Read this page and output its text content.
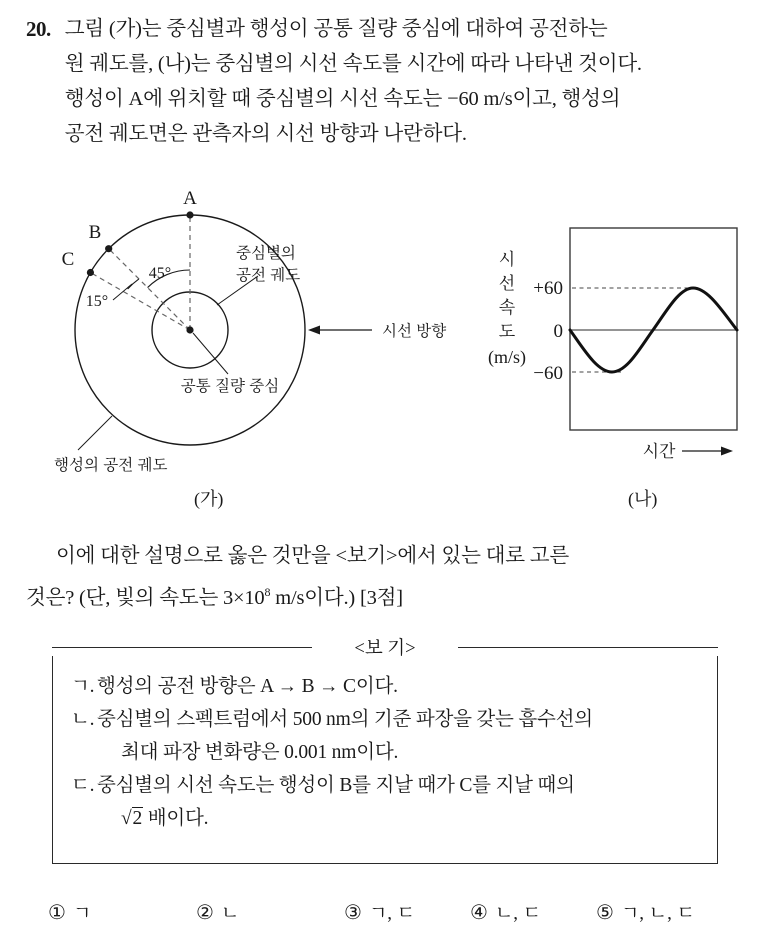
20. 그림 (가)는 중심별과 행성이 공통 질량 중심에 대하여 공전하는

원 궤도를, (나)는 중심별의 시선 속도를 시간에 따라 나타낸 것이다.

행성이 A에 위치할 때 중심별의 시선 속도는 −60 m/s이고, 행성의

공전 궤도면은 관측자의 시선 방향과 나란하다.

A
B
C
45°
15°
중심별의
공전 궤도
공통 질량 중심
행성의 공전 궤도
시선 방향
+60
0
−60
시
선
속
도
(m/s)
시간
(가)	(나)

이에 대한 설명으로 옳은 것만을 <보기>에서 있는 대로 고른

것은? (단, 빛의 속도는 $3\times 10^8$ m/s이다.) [3점]

<보 기>
ㄱ. 행성의 공전 방향은 A → B → C이다.
ㄴ. 중심별의 스펙트럼에서 500 nm의 기준 파장을 갖는 흡수선의
최대 파장 변화량은 0.001 nm이다.
ㄷ. 중심별의 시선 속도는 행성이 B를 지날 때가 C를 지날 때의
√2 배이다.
① ㄱ	② ㄴ	③ ㄱ, ㄷ	④ ㄴ, ㄷ	⑤ ㄱ, ㄴ, ㄷ
